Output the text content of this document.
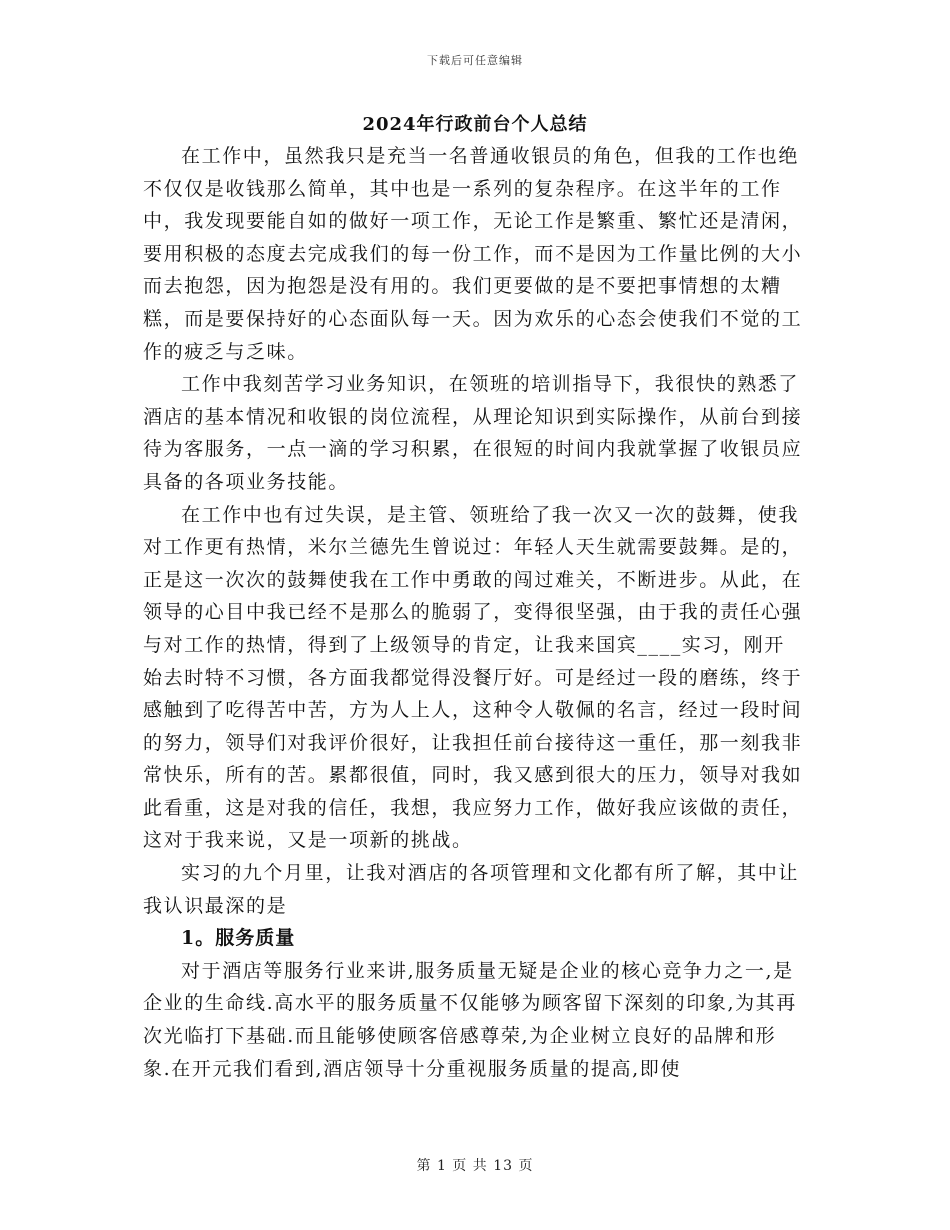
下载后可任意编辑
2024年行政前台个人总结

在工作中，虽然我只是充当一名普通收银员的角色，但我的工作也绝不仅仅是收钱那么简单，其中也是一系列的复杂程序。在这半年的工作中，我发现要能自如的做好一项工作，无论工作是繁重、繁忙还是清闲，要用积极的态度去完成我们的每一份工作，而不是因为工作量比例的大小而去抱怨，因为抱怨是没有用的。我们更要做的是不要把事情想的太糟糕，而是要保持好的心态面队每一天。因为欢乐的心态会使我们不觉的工作的疲乏与乏味。

工作中我刻苦学习业务知识，在领班的培训指导下，我很快的熟悉了酒店的基本情况和收银的岗位流程，从理论知识到实际操作，从前台到接待为客服务，一点一滴的学习积累，在很短的时间内我就掌握了收银员应具备的各项业务技能。

在工作中也有过失误，是主管、领班给了我一次又一次的鼓舞，使我对工作更有热情，米尔兰德先生曾说过：年轻人天生就需要鼓舞。是的，正是这一次次的鼓舞使我在工作中勇敢的闯过难关，不断进步。从此，在领导的心目中我已经不是那么的脆弱了，变得很坚强，由于我的责任心强与对工作的热情，得到了上级领导的肯定，让我来国宾____实习，刚开始去时特不习惯，各方面我都觉得没餐厅好。可是经过一段的磨练，终于感触到了吃得苦中苦，方为人上人，这种令人敬佩的名言，经过一段时间的努力，领导们对我评价很好，让我担任前台接待这一重任，那一刻我非常快乐，所有的苦。累都很值，同时，我又感到很大的压力，领导对我如此看重，这是对我的信任，我想，我应努力工作，做好我应该做的责任，这对于我来说，又是一项新的挑战。

实习的九个月里，让我对酒店的各项管理和文化都有所了解，其中让我认识最深的是

1。服务质量

对于酒店等服务行业来讲,服务质量无疑是企业的核心竞争力之一,是企业的生命线.高水平的服务质量不仅能够为顾客留下深刻的印象,为其再次光临打下基础.而且能够使顾客倍感尊荣,为企业树立良好的品牌和形象.在开元我们看到,酒店领导十分重视服务质量的提高,即使

第 1 页 共 13 页
